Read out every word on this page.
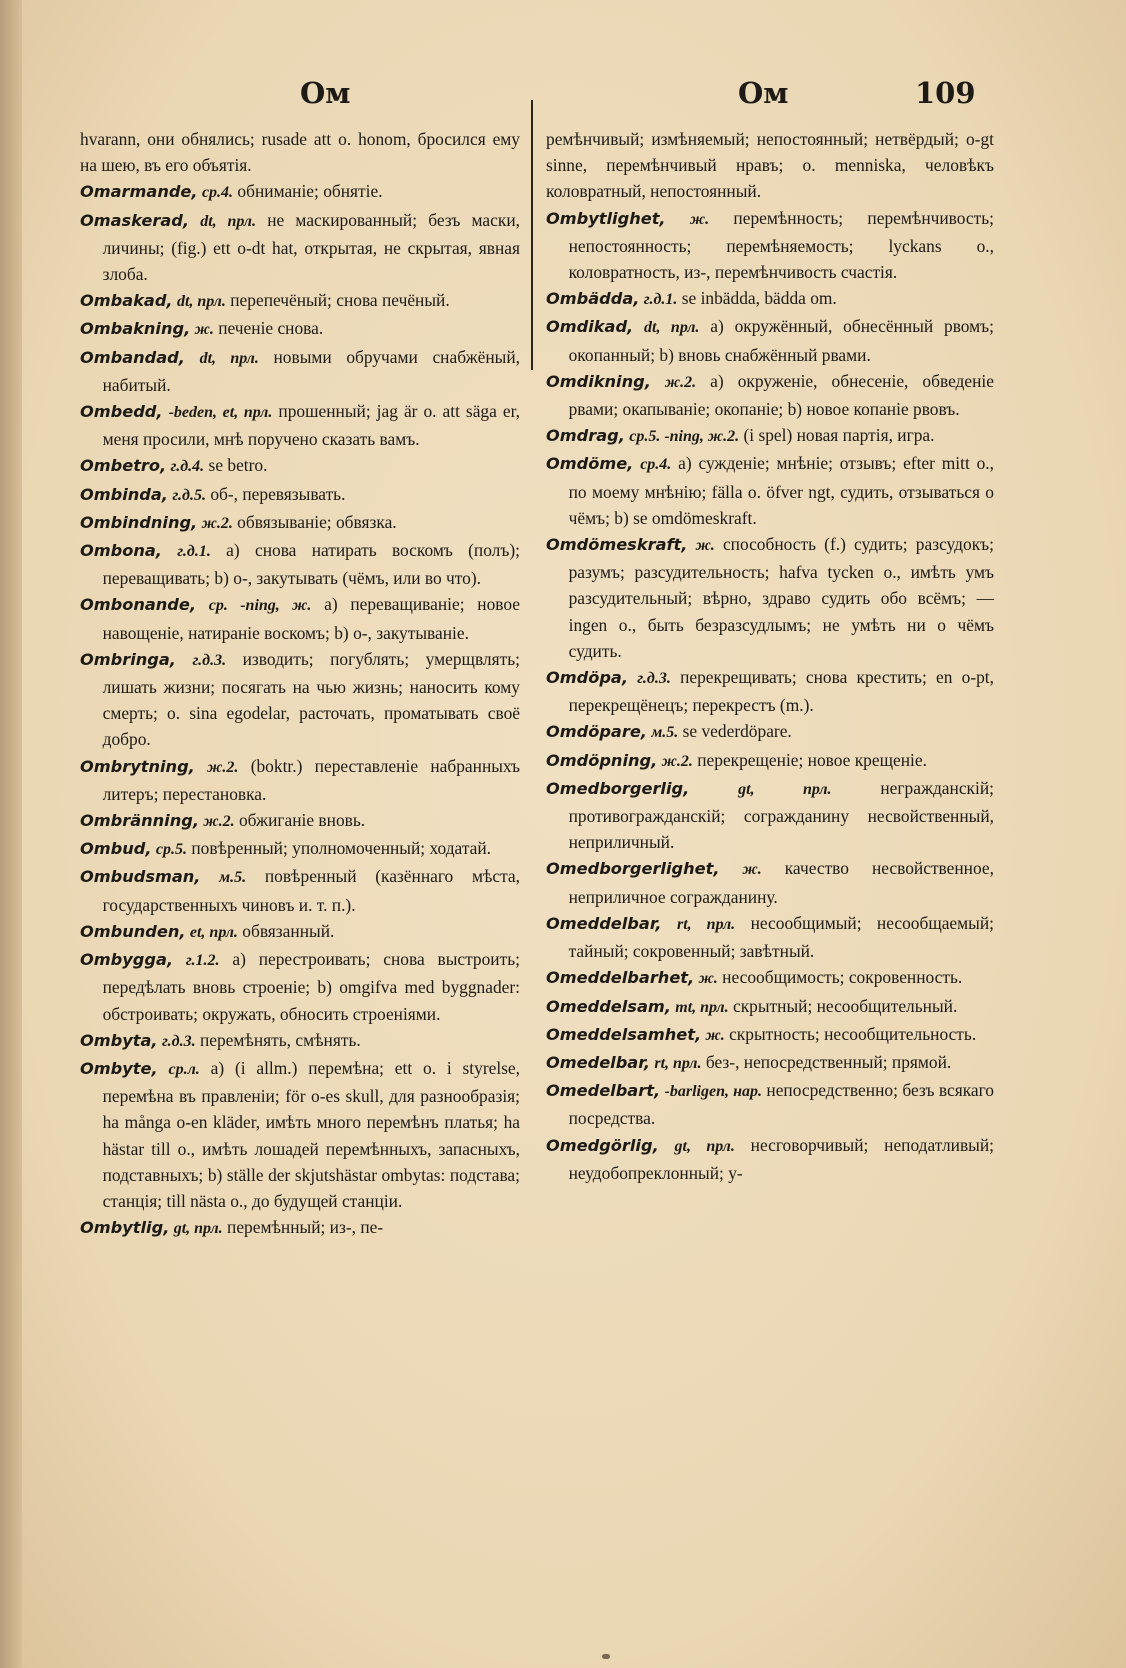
Ом	Ом	109

hvarann, они обнялись; rusade att o. honom, бросился ему на шею, въ его объятія.

Omarmande, ср.4. обниманіе; обнятіе.

Omaskerad, dt, прл. не маскированный; безъ маски, личины; (fig.) ett o-dt hat, открытая, не скрытая, явная злоба.

Ombakad, dt, прл. перепечёный; снова печёный.

Ombakning, ж. печеніе снова.

Ombandad, dt, прл. новыми обручами снабжёный, набитый.

Ombedd, -beden, et, прл. прошенный; jag är o. att säga er, меня просили, мнѣ поручено сказать вамъ.

Ombetro, г.д.4. se betro.

Ombinda, г.д.5. об-, перевязывать.

Ombindning, ж.2. обвязываніе; обвязка.

Ombona, г.д.1. a) снова натирать воскомъ (полъ); переващивать; b) о-, закутывать (чёмъ, или во что).

Ombonande, ср. -ning, ж. a) переващиваніе; новое навощеніе, натираніе воскомъ; b) о-, закутываніе.

Ombringa, г.д.3. изводить; погублять; умерщвлять; лишать жизни; посягать на чью жизнь; наносить кому смерть; o. sina egodelar, расточать, проматывать своё добро.

Ombrytning, ж.2. (boktr.) переставленіе набранныхъ литеръ; перестановка.

Ombränning, ж.2. обжиганіе вновь.

Ombud, ср.5. повѣренный; уполномоченный; ходатай.

Ombudsman, м.5. повѣренный (казённаго мѣста, государственныхъ чиновъ и. т. п.).

Ombunden, et, прл. обвязанный.

Ombygga, г.1.2. a) перестроивать; снова выстроить; передѣлать вновь строеніе; b) omgifva med byggnader: обстроивать; окружать, обносить строеніями.

Ombyta, г.д.3. перемѣнять, смѣнять.

Ombyte, ср.л. a) (i allm.) перемѣна; ett o. i styrelse, перемѣна въ правленіи; för o-es skull, для разнообразія; ha många o-en kläder, имѣть много перемѣнъ платья; ha hästar till o., имѣть лошадей перемѣнныхъ, запасныхъ, подставныхъ; b) ställe der skjutshästar ombytas: подстава; станція; till nästa o., до будущей станціи.

Ombytlig, gt, прл. перемѣнный; из-, пе-

ремѣнчивый; измѣняемый; непостоянный; нетвёрдый; o-gt sinne, перемѣнчивый нравъ; o. menniska, человѣкъ коловратный, непостоянный.

Ombytlighet, ж. перемѣнность; перемѣнчивость; непостоянность; перемѣняемость; lyckans o., коловратность, из-, перемѣнчивость счастія.

Ombädda, г.д.1. se inbädda, bädda om.

Omdikad, dt, прл. a) окружённый, обнесённый рвомъ; окопанный; b) вновь снабжённый рвами.

Omdikning, ж.2. a) окруженіе, обнесеніе, обведеніе рвами; окапываніе; окопаніе; b) новое копаніе рвовъ.

Omdrag, ср.5. -ning, ж.2. (i spel) новая партія, игра.

Omdöme, ср.4. a) сужденіе; мнѣніе; отзывъ; efter mitt o., по моему мнѣнію; fälla o. öfver ngt, судить, отзываться о чёмъ; b) se omdömeskraft.

Omdömeskraft, ж. способность (f.) судить; разсудокъ; разумъ; разсудительность; hafva tycken o., имѣть умъ разсудительный; вѣрно, здраво судить обо всёмъ; — ingen o., быть безразсудлымъ; не умѣть ни о чёмъ судить.

Omdöpa, г.д.3. перекрещивать; снова крестить; en o-pt, перекрещёнецъ; перекрестъ (m.).

Omdöpare, м.5. se vederdöpare.

Omdöpning, ж.2. перекрещеніе; новое крещеніе.

Omedborgerlig,	gt, прл.	негражданскій; противогражданскій; согражданину несвойственный, неприличный.

Omedborgerlighet, ж. качество несвойственное, неприличное согражданину.

Omeddelbar, rt, прл. несообщимый; несообщаемый; тайный; сокровенный; завѣтный.

Omeddelbarhet, ж. несообщимость; сокровенность.

Omeddelsam, mt, прл. скрытный; несообщительный.

Omeddelsamhet, ж. скрытность; несообщительность.

Omedelbar, rt, прл. без-, непосредственный; прямой.

Omedelbart, -barligen, нар. непосредственно; безъ всякаго посредства.

Omedgörlig, gt, прл. несговорчивый; неподатливый; неудобопреклонный; у-
